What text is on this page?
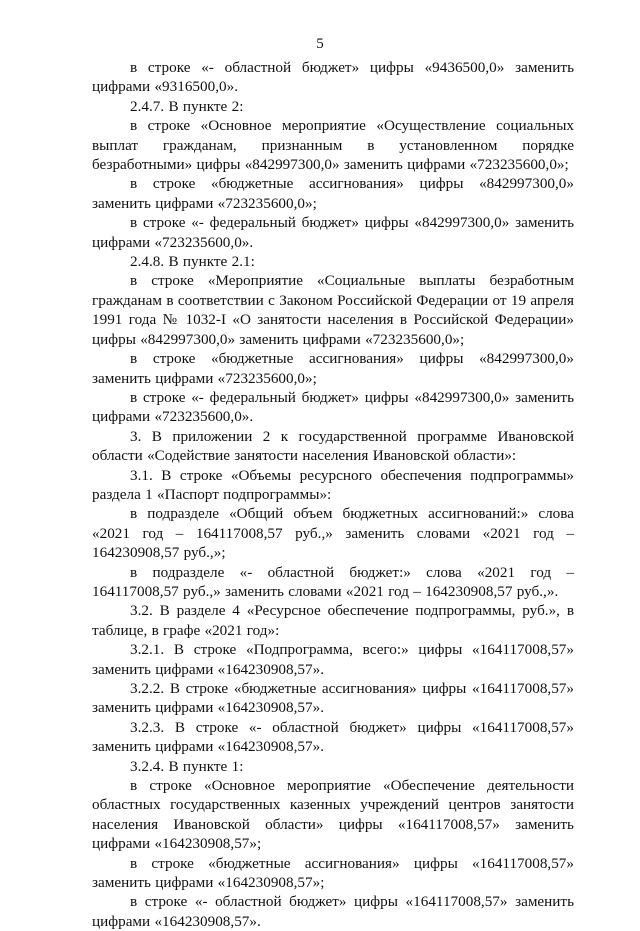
5

в строке «- областной бюджет» цифры «9436500,0» заменить цифрами «9316500,0».

2.4.7. В пункте 2:

в строке «Основное мероприятие «Осуществление социальных выплат гражданам, признанным в установленном порядке безработными» цифры «842997300,0» заменить цифрами «723235600,0»;

в строке «бюджетные ассигнования» цифры «842997300,0» заменить цифрами «723235600,0»;

в строке «- федеральный бюджет» цифры «842997300,0» заменить цифрами «723235600,0».

2.4.8. В пункте 2.1:

в строке «Мероприятие «Социальные выплаты безработным гражданам в соответствии с Законом Российской Федерации от 19 апреля 1991 года № 1032-I «О занятости населения в Российской Федерации» цифры «842997300,0» заменить цифрами «723235600,0»;

в строке «бюджетные ассигнования» цифры «842997300,0» заменить цифрами «723235600,0»;

в строке «- федеральный бюджет» цифры «842997300,0» заменить цифрами «723235600,0».

3. В приложении 2 к государственной программе Ивановской области «Содействие занятости населения Ивановской области»:

3.1. В строке «Объемы ресурсного обеспечения подпрограммы» раздела 1 «Паспорт подпрограммы»:

в подразделе «Общий объем бюджетных ассигнований:» слова «2021 год – 164117008,57 руб.,» заменить словами «2021 год – 164230908,57 руб.,»;

в подразделе «- областной бюджет:» слова «2021 год – 164117008,57 руб.,» заменить словами «2021 год – 164230908,57 руб.,».

3.2. В разделе 4 «Ресурсное обеспечение подпрограммы, руб.», в таблице, в графе «2021 год»:

3.2.1. В строке «Подпрограмма, всего:» цифры «164117008,57» заменить цифрами «164230908,57».

3.2.2. В строке «бюджетные ассигнования» цифры «164117008,57» заменить цифрами «164230908,57».

3.2.3. В строке «- областной бюджет» цифры «164117008,57» заменить цифрами «164230908,57».

3.2.4. В пункте 1:

в строке «Основное мероприятие «Обеспечение деятельности областных государственных казенных учреждений центров занятости населения Ивановской области» цифры «164117008,57» заменить цифрами «164230908,57»;

в строке «бюджетные ассигнования» цифры «164117008,57» заменить цифрами «164230908,57»;

в строке «- областной бюджет» цифры «164117008,57» заменить цифрами «164230908,57».
